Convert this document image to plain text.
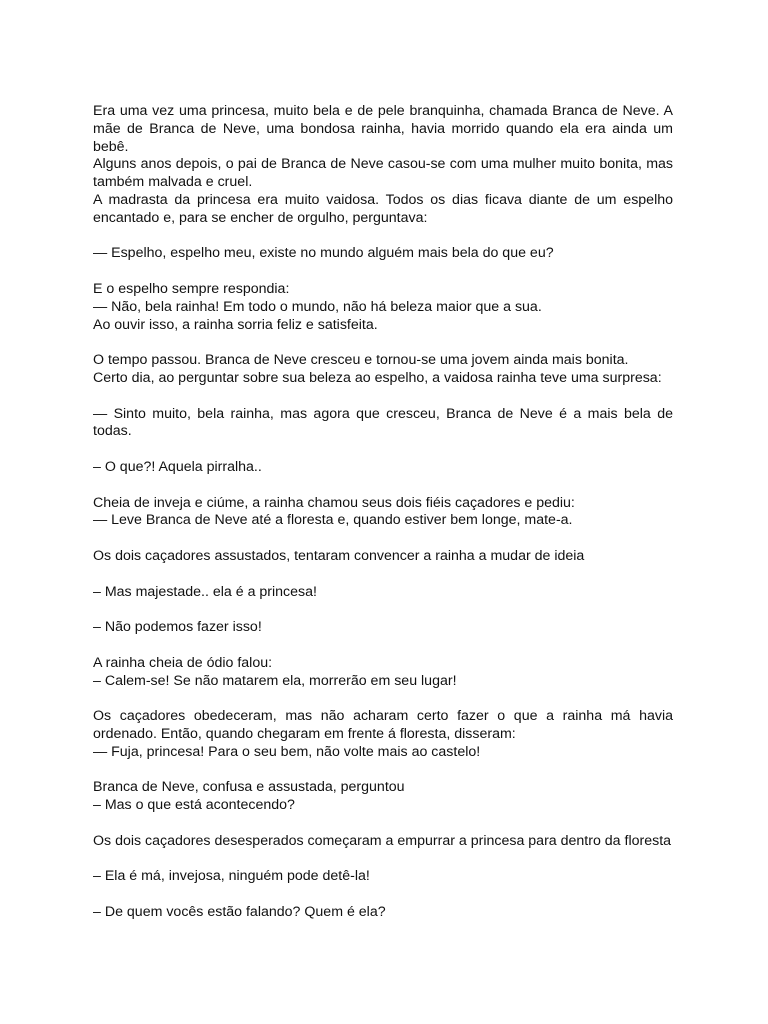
Era uma vez uma princesa, muito bela e de pele branquinha, chamada Branca de Neve. A mãe de Branca de Neve, uma bondosa rainha, havia morrido quando ela era ainda um bebê.

Alguns anos depois, o pai de Branca de Neve casou-se com uma mulher muito bonita, mas também malvada e cruel.

A madrasta da princesa era muito vaidosa. Todos os dias ficava diante de um espelho encantado e, para se encher de orgulho, perguntava:

— Espelho, espelho meu, existe no mundo alguém mais bela do que eu?

E o espelho sempre respondia:

— Não, bela rainha! Em todo o mundo, não há beleza maior que a sua.

Ao ouvir isso, a rainha sorria feliz e satisfeita.

O tempo passou. Branca de Neve cresceu e tornou-se uma jovem ainda mais bonita.

Certo dia, ao perguntar sobre sua beleza ao espelho, a vaidosa rainha teve uma surpresa:

— Sinto muito, bela rainha, mas agora que cresceu, Branca de Neve é a mais bela de todas.

– O que?! Aquela pirralha..

Cheia de inveja e ciúme, a rainha chamou seus dois fiéis caçadores e pediu:

— Leve Branca de Neve até a floresta e, quando estiver bem longe, mate-a.

Os dois caçadores assustados, tentaram convencer a rainha a mudar de ideia

– Mas majestade.. ela é a princesa!

– Não podemos fazer isso!

A rainha cheia de ódio falou:

– Calem-se! Se não matarem ela, morrerão em seu lugar!

Os caçadores obedeceram, mas não acharam certo fazer o que a rainha má havia ordenado. Então, quando chegaram em frente á floresta, disseram:

— Fuja, princesa! Para o seu bem, não volte mais ao castelo!

Branca de Neve, confusa e assustada, perguntou

– Mas o que está acontecendo?

Os dois caçadores desesperados começaram a empurrar a princesa para dentro da floresta

– Ela é má, invejosa, ninguém pode detê-la!

– De quem vocês estão falando? Quem é ela?
